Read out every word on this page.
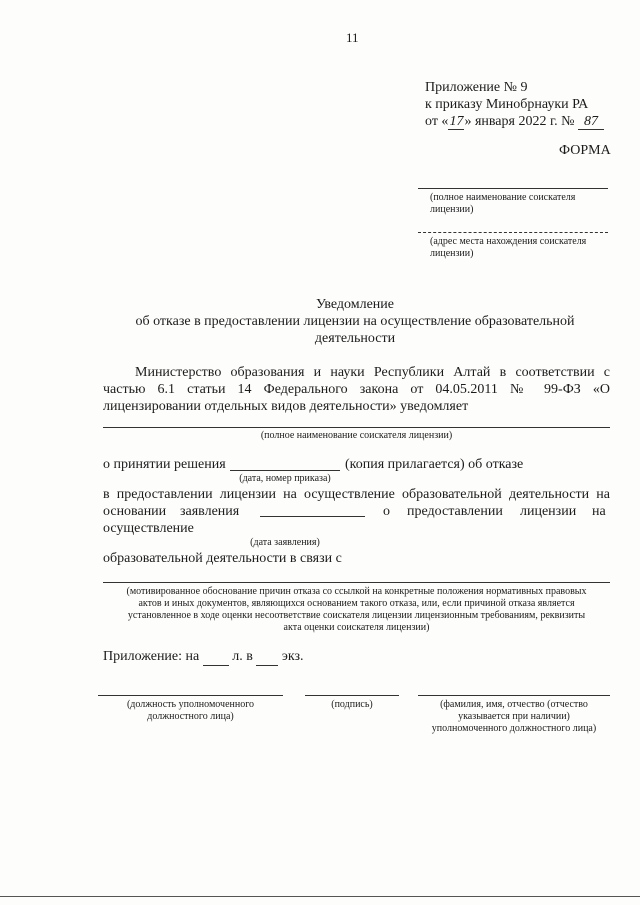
11
Приложение № 9
к приказу Минобрнауки РА
от «17» января 2022 г. № 87
ФОРМА
(полное наименование соискателя
лицензии)
(адрес места нахождения соискателя
лицензии)
Уведомление
об отказе в предоставлении лицензии на осуществление образовательной
деятельности
Министерство образования и науки Республики Алтай в соответствии с
частью 6.1 статьи 14 Федерального закона от 04.05.2011 № 99-ФЗ «О
лицензировании отдельных видов деятельности» уведомляет
(полное наименование соискателя лицензии)
о принятии решения	(копия прилагается) об отказе
(дата, номер приказа)
в предоставлении лицензии на осуществление образовательной деятельности на
основании заявления	о предоставлении лицензии на
осуществление
(дата заявления)
образовательной деятельности в связи с
(мотивированное обоснование причин отказа со ссылкой на конкретные положения нормативных правовых
актов и иных документов, являющихся основанием такого отказа, или, если причиной отказа является
установленное в ходе оценки несоответствие соискателя лицензии лицензионным требованиям, реквизиты
акта оценки соискателя лицензии)
Приложение: на л. в экз.
(должность уполномоченного
должностного лица)
(подпись)	(фамилия, имя, отчество (отчество
указывается при наличии)
уполномоченного должностного лица)
